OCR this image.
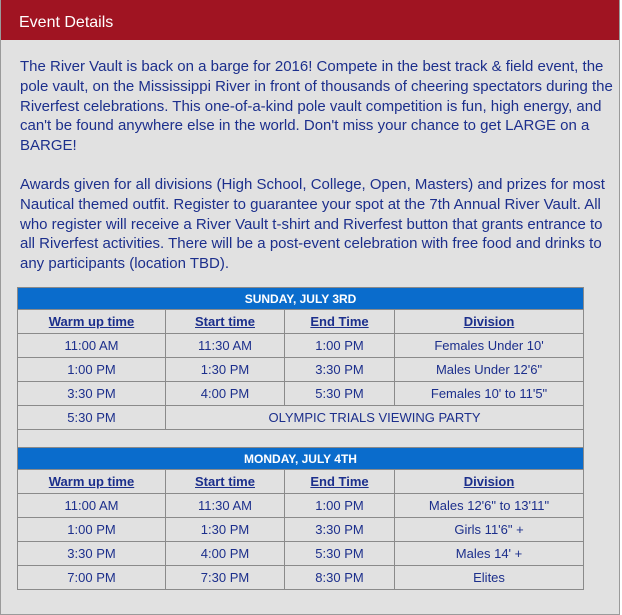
Event Details

The River Vault is back on a barge for 2016! Compete in the best track & field event, the pole vault, on the Mississippi River in front of thousands of cheering spectators during the Riverfest celebrations. This one-of-a-kind pole vault competition is fun, high energy, and can't be found anywhere else in the world. Don't miss your chance to get LARGE on a BARGE!

Awards given for all divisions (High School, College, Open, Masters) and prizes for most Nautical themed outfit. Register to guarantee your spot at the 7th Annual River Vault. All who register will receive a River Vault t-shirt and Riverfest button that grants entrance to all Riverfest activities. There will be a post-event celebration with free food and drinks to any participants (location TBD).

SUNDAY, JULY 3RD			
Warm up time	Start time	End Time	Division
11:00 AM	11:30 AM	1:00 PM	Females Under 10'
1:00 PM	1:30 PM	3:30 PM	Males Under 12'6"
3:30 PM	4:00 PM	5:30 PM	Females 10' to 11'5"
5:30 PM	OLYMPIC TRIALS VIEWING PARTY		

MONDAY, JULY 4TH			
Warm up time	Start time	End Time	Division
11:00 AM	11:30 AM	1:00 PM	Males 12'6" to 13'11"
1:00 PM	1:30 PM	3:30 PM	Girls 11'6" +
3:30 PM	4:00 PM	5:30 PM	Males 14' +
7:00 PM	7:30 PM	8:30 PM	Elites
